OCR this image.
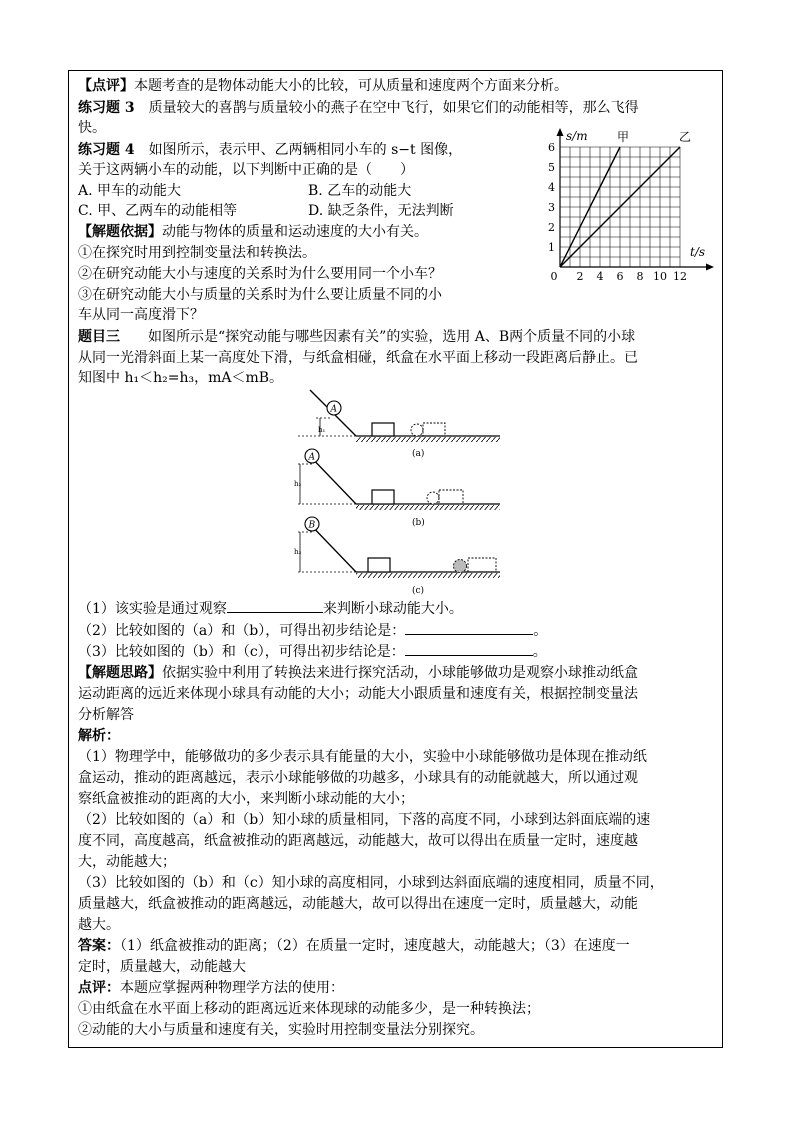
【点评】本题考查的是物体动能大小的比较，可从质量和速度两个方面来分析。
练习题 3　 质量较大的喜鹊与质量较小的燕子在空中飞行，如果它们的动能相等，那么飞得
快。
练习题 4　 如图所示，表示甲、乙两辆相同小车的 s−t 图像，
关于这两辆小车的动能，以下判断中正确的是（　　）
A. 甲车的动能大	B. 乙车的动能大
C. 甲、乙两车的动能相等	D. 缺乏条件，无法判断
甲	乙
0 2 4 6 8 10 12
1
2
3
4
5
6
s/m
t/s
【解题依据】动能与物体的质量和运动速度的大小有关。
①在探究时用到控制变量法和转换法。
②在研究动能大小与速度的关系时为什么要用同一个小车？
③在研究动能大小与质量的关系时为什么要让质量不同的小
车从同一高度滑下？
题目三　　 如图所示是“探究动能与哪些因素有关”的实验，选用 A、B两个质量不同的小球
从同一光滑斜面上某一高度处下滑，与纸盒相碰，纸盒在水平面上移动一段距离后静止。已
知图中 h₁＜h₂=h₃，mA＜mB。
h₁
A
(a)
h₂
A
(b)
h₃
B
(c)
（1）该实验是通过观察	来判断小球动能大小。
（2）比较如图的（a）和（b），可得出初步结论是：	。
（3）比较如图的（b）和（c），可得出初步结论是：	。
【解题思路】依据实验中利用了转换法来进行探究活动，小球能够做功是观察小球推动纸盒
运动距离的远近来体现小球具有动能的大小；动能大小跟质量和速度有关，根据控制变量法
分析解答
解析：
（1）物理学中，能够做功的多少表示具有能量的大小，实验中小球能够做功是体现在推动纸
盒运动，推动的距离越远，表示小球能够做的功越多，小球具有的动能就越大，所以通过观
察纸盒被推动的距离的大小，来判断小球动能的大小；
（2）比较如图的（a）和（b）知小球的质量相同，下落的高度不同，小球到达斜面底端的速
度不同，高度越高，纸盒被推动的距离越远，动能越大，故可以得出在质量一定时，速度越
大，动能越大；
（3）比较如图的（b）和（c）知小球的高度相同，小球到达斜面底端的速度相同，质量不同，
质量越大，纸盒被推动的距离越远，动能越大，故可以得出在速度一定时，质量越大，动能
越大。
答案：（1）纸盒被推动的距离；（2）在质量一定时，速度越大，动能越大；（3）在速度一
定时，质量越大，动能越大
点评：本题应掌握两种物理学方法的使用：
①由纸盒在水平面上移动的距离远近来体现球的动能多少，是一种转换法；
②动能的大小与质量和速度有关，实验时用控制变量法分别探究。
